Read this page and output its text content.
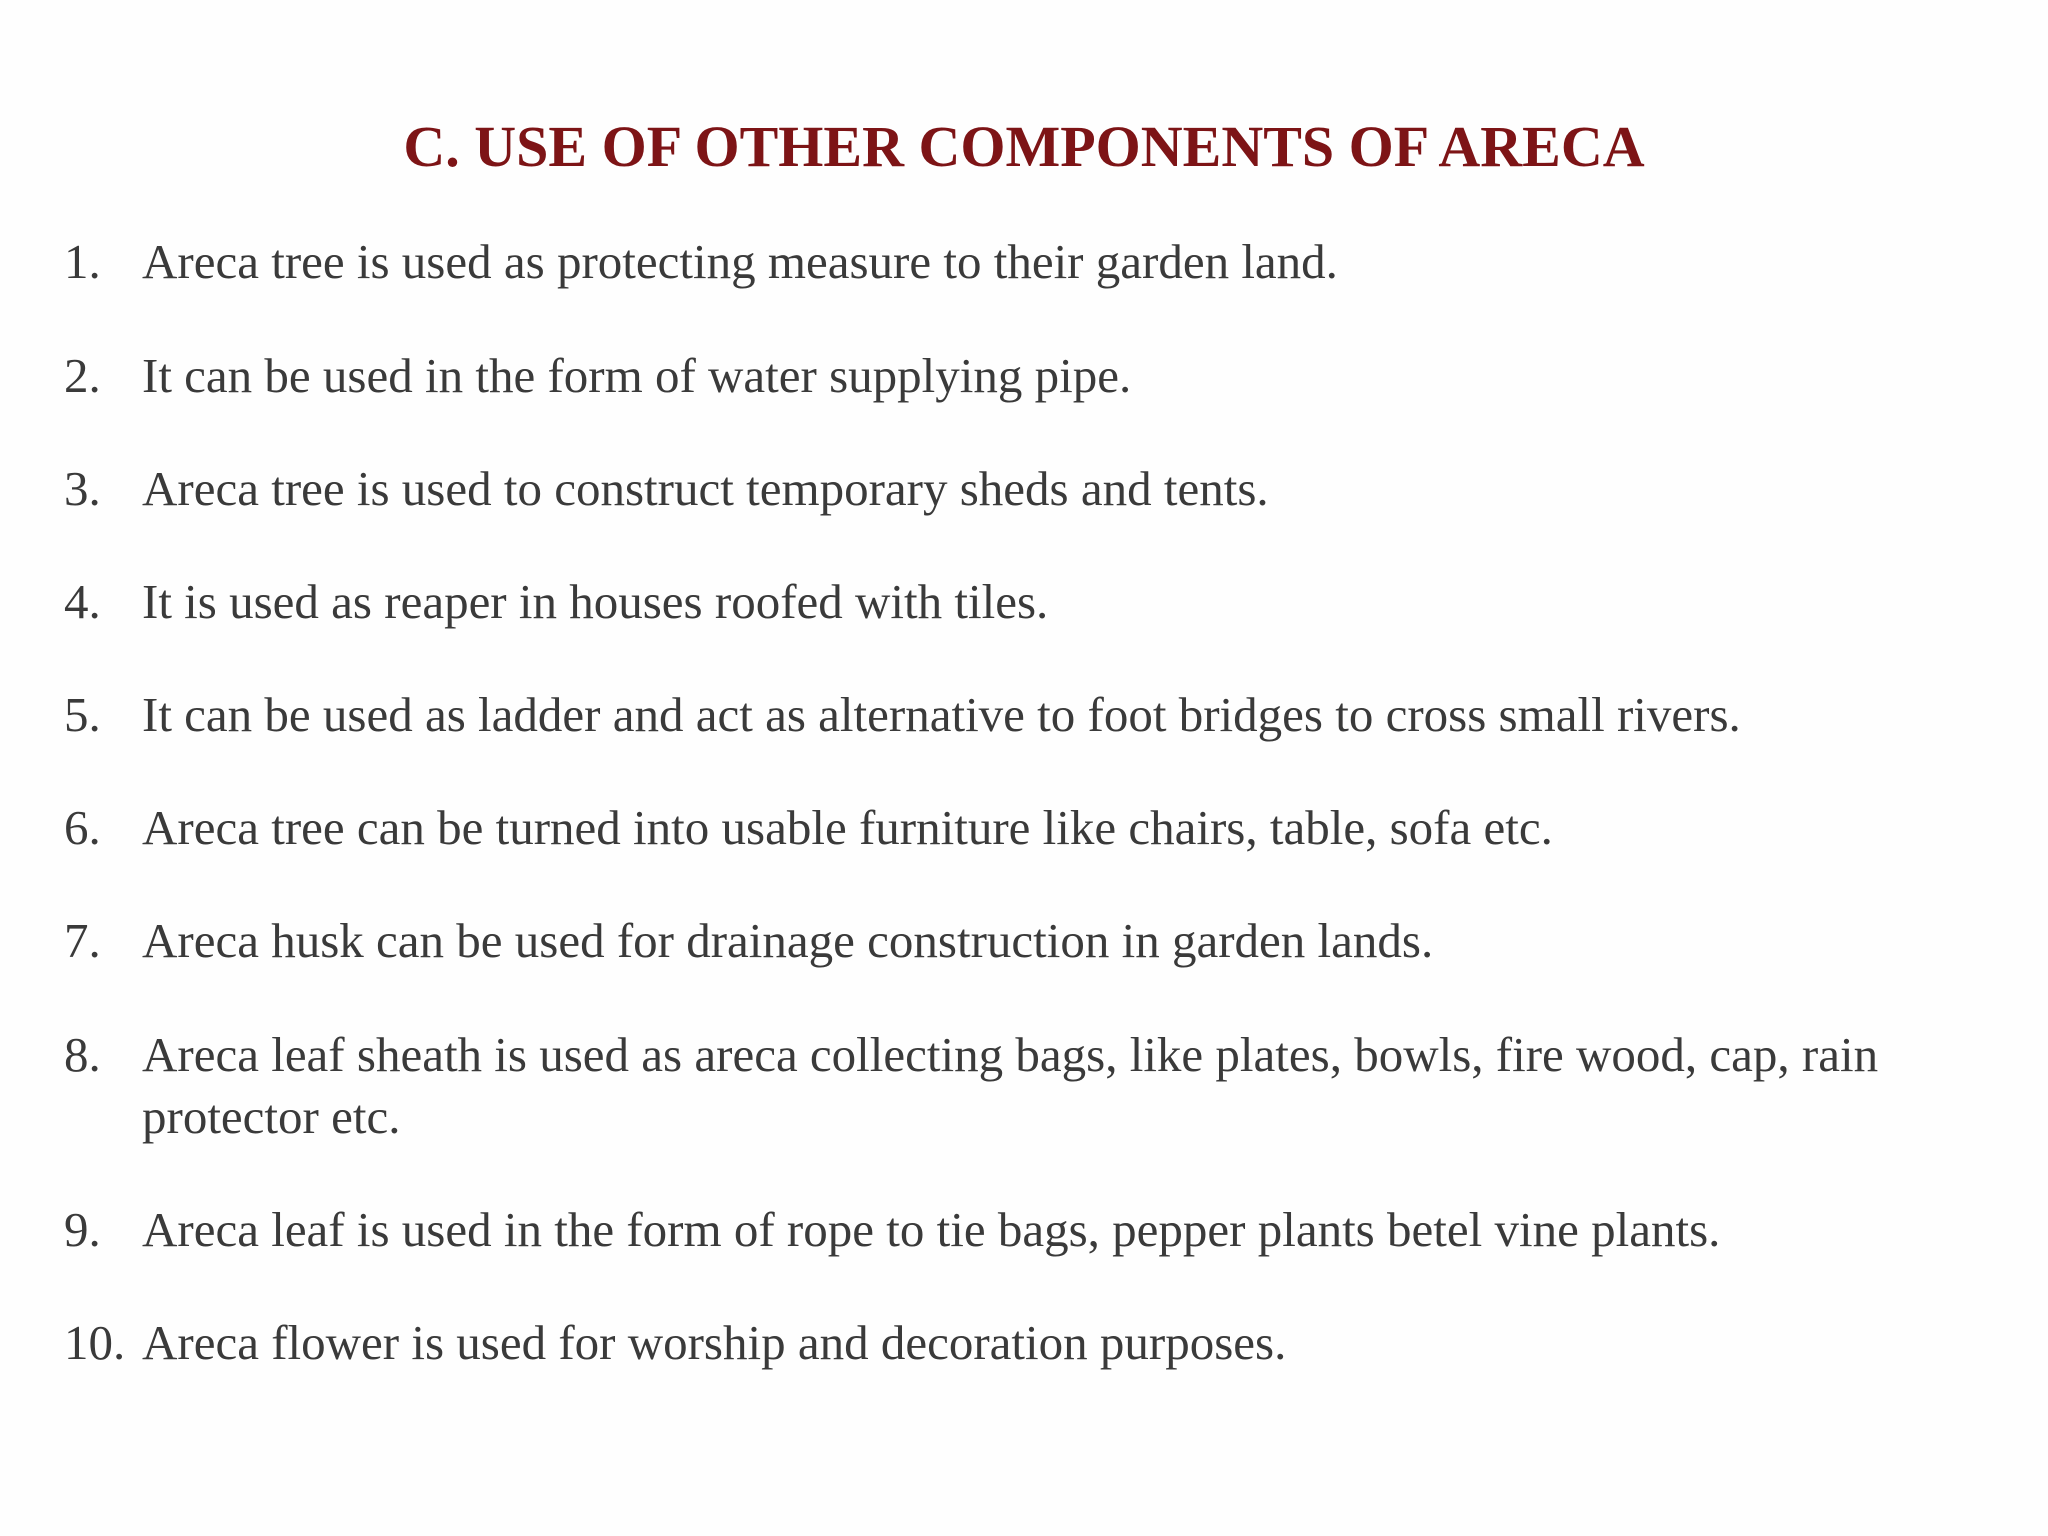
C. USE OF OTHER COMPONENTS OF ARECA
1. Areca tree is used as protecting measure to their garden land.
2. It can be used in the form of water supplying pipe.
3. Areca tree is used to construct temporary sheds and tents.
4. It is used as reaper in houses roofed with tiles.
5. It can be used as ladder and act as alternative to foot bridges to cross small rivers.
6. Areca tree can be turned into usable furniture like chairs, table, sofa etc.
7. Areca husk can be used for drainage construction in garden lands.
8. Areca leaf sheath is used as areca collecting bags, like plates, bowls, fire wood, cap, rain protector etc.
9. Areca leaf is used in the form of rope to tie bags, pepper plants betel vine plants.
10. Areca flower is used for worship and decoration purposes.
